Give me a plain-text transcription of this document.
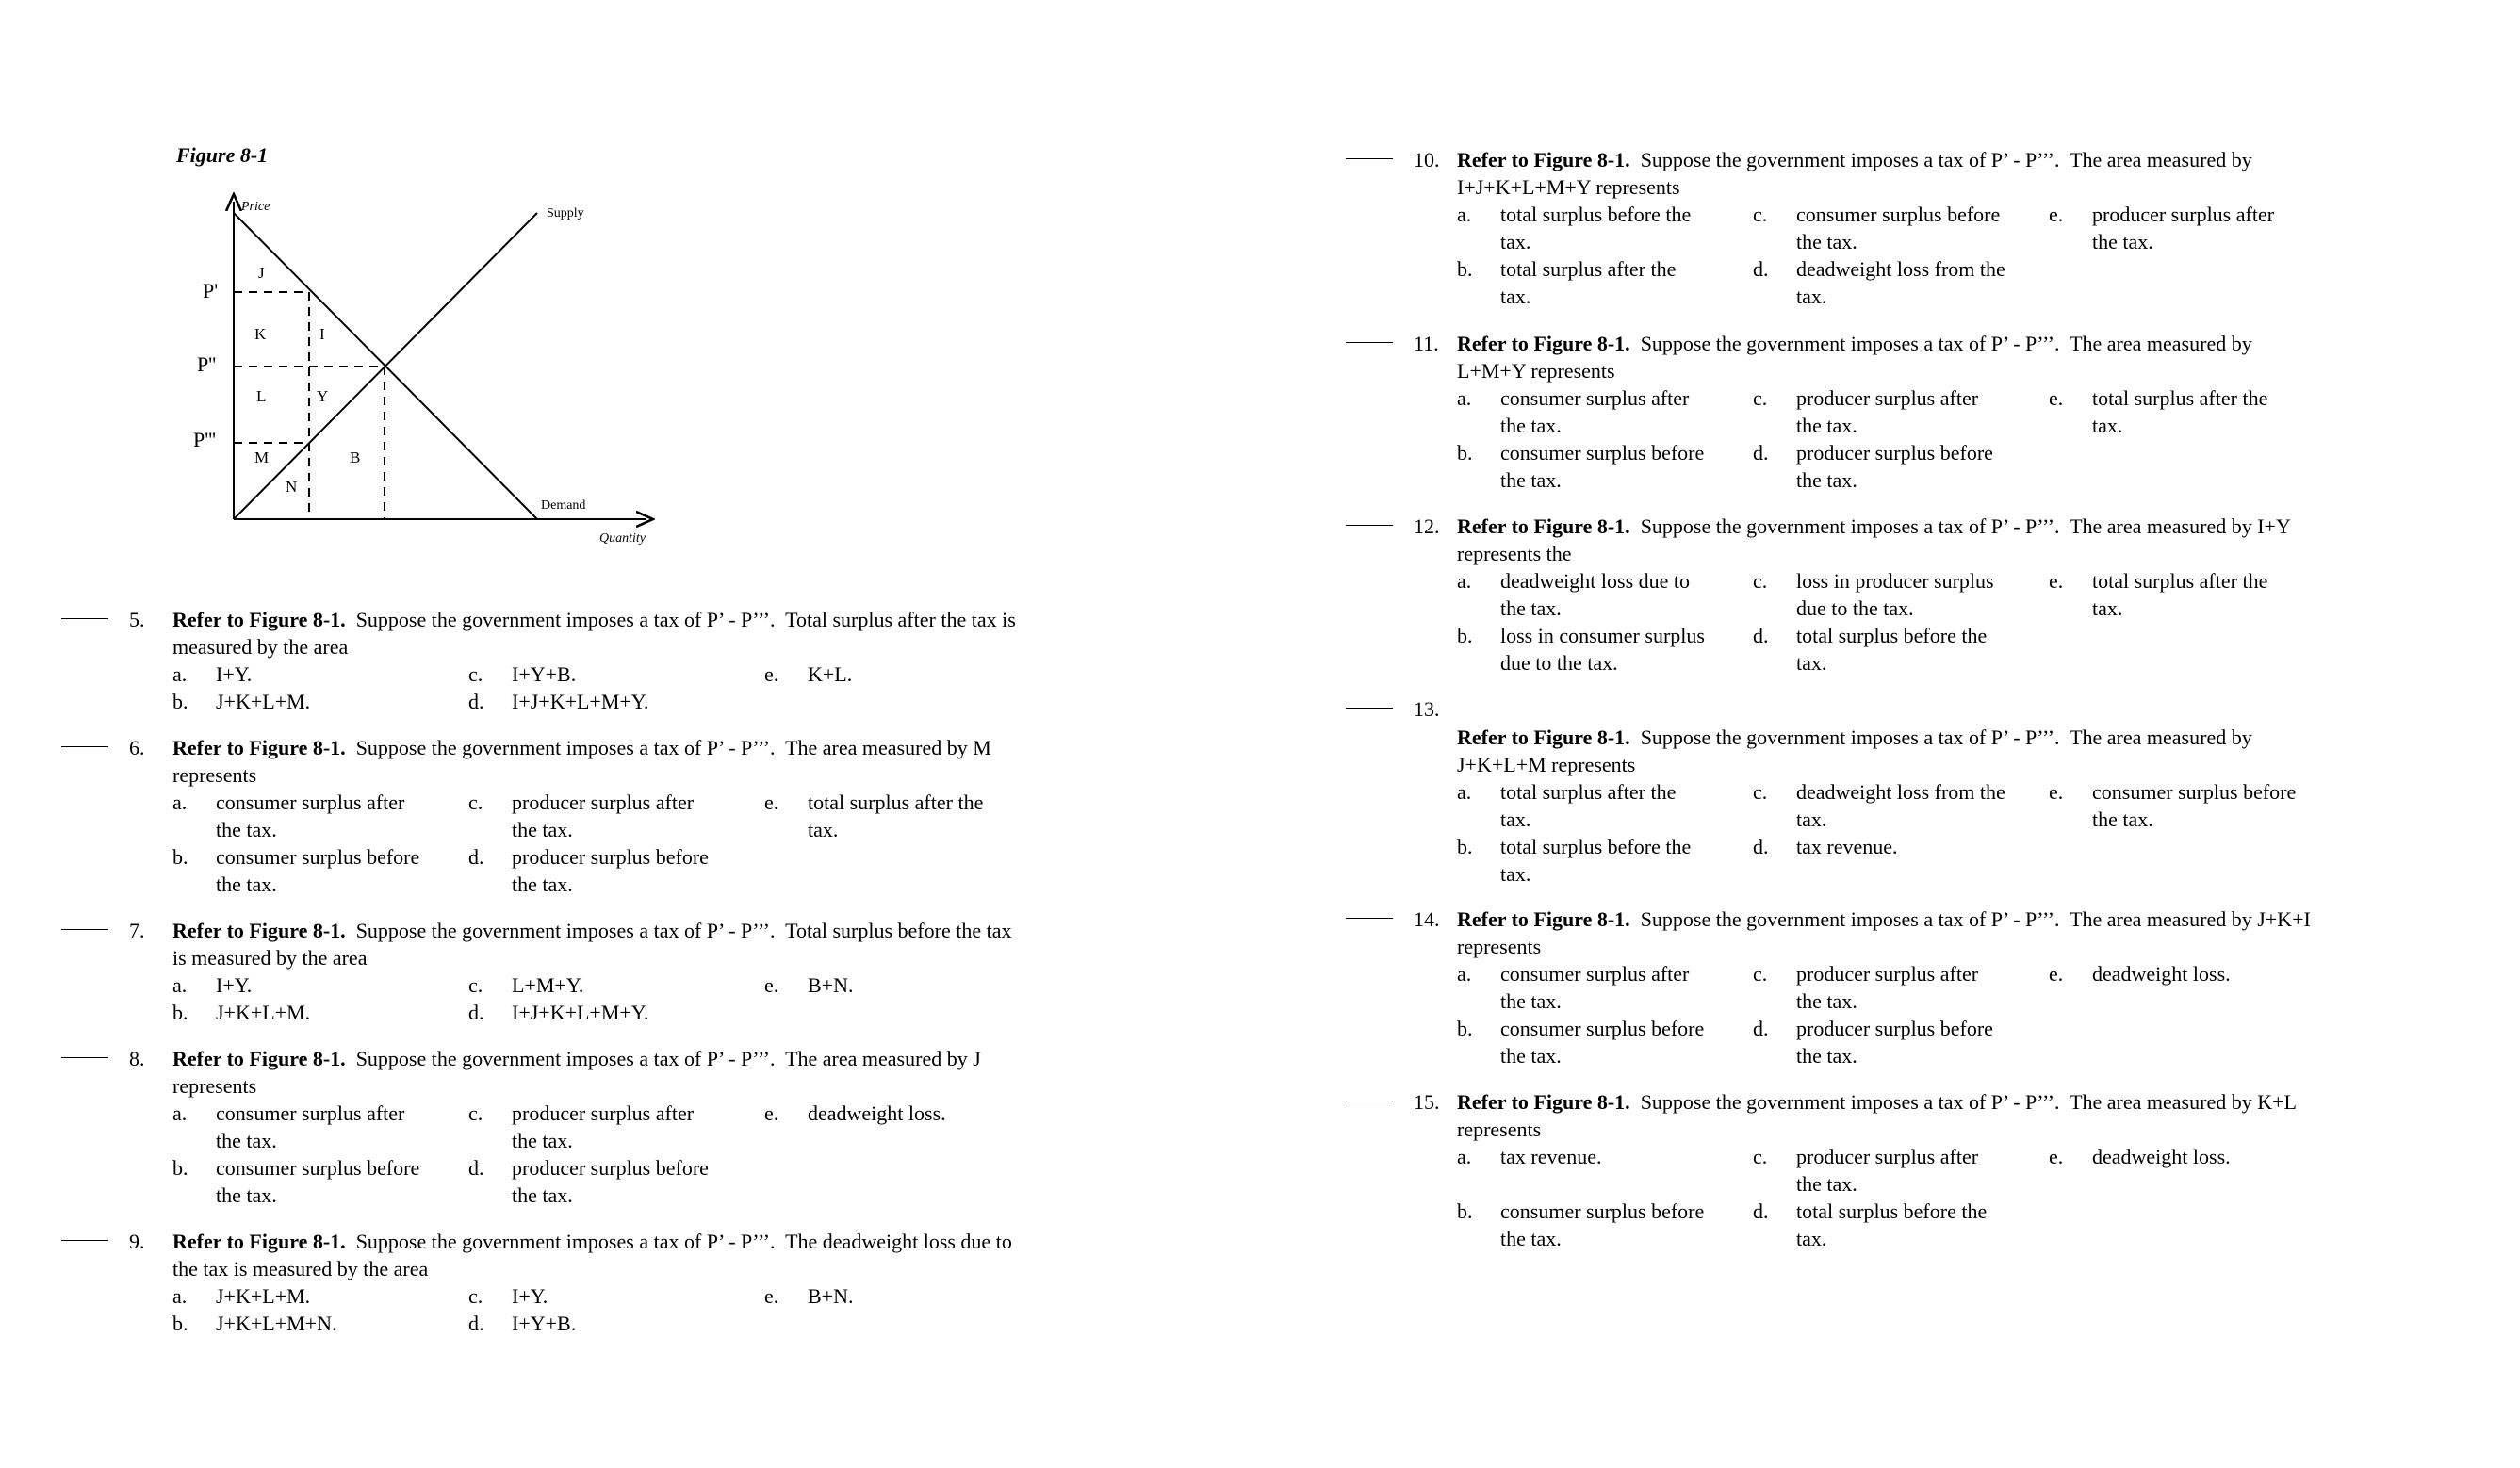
Figure 8-1
Price
Quantity
Supply
Demand
P'
P''
P'''
J
K	I
L	Y
M	B
N
5. Refer to Figure 8-1. Suppose the government imposes a tax of P’ - P’’’.  Total surplus after the tax is
measured by the area
a. I+Y.
b. J+K+L+M.
c. I+Y+B.
d. I+J+K+L+M+Y.
e. K+L.
6. Refer to Figure 8-1. Suppose the government imposes a tax of P’ - P’’’.  The area measured by M
represents
a. consumer surplus after
the tax.
b. consumer surplus before
the tax.
c. producer surplus after
the tax.
d. producer surplus before
the tax.
e. total surplus after the
tax.
7. Refer to Figure 8-1. Suppose the government imposes a tax of P’ - P’’’.  Total surplus before the tax
is measured by the area
a. I+Y.
b. J+K+L+M.
c. L+M+Y.
d. I+J+K+L+M+Y.
e. B+N.
8. Refer to Figure 8-1. Suppose the government imposes a tax of P’ - P’’’.  The area measured by J
represents
a. consumer surplus after
the tax.
b. consumer surplus before
the tax.
c. producer surplus after
the tax.
d. producer surplus before
the tax.
e. deadweight loss.
9. Refer to Figure 8-1. Suppose the government imposes a tax of P’ - P’’’.  The deadweight loss due to
the tax is measured by the area
a. J+K+L+M.
b. J+K+L+M+N.
c. I+Y.
d. I+Y+B.
e. B+N.
10. Refer to Figure 8-1. Suppose the government imposes a tax of P’ - P’’’.  The area measured by
I+J+K+L+M+Y represents
a. total surplus before the
tax.
b. total surplus after the
tax.
c. consumer surplus before
the tax.
d. deadweight loss from the
tax.
e. producer surplus after
the tax.
11. Refer to Figure 8-1. Suppose the government imposes a tax of P’ - P’’’.  The area measured by
L+M+Y represents
a. consumer surplus after
the tax.
b. consumer surplus before
the tax.
c. producer surplus after
the tax.
d. producer surplus before
the tax.
e. total surplus after the
tax.
12. Refer to Figure 8-1. Suppose the government imposes a tax of P’ - P’’’.  The area measured by I+Y
represents the
a. deadweight loss due to
the tax.
b. loss in consumer surplus
due to the tax.
c. loss in producer surplus
due to the tax.
d. total surplus before the
tax.
e. total surplus after the
tax.
13.
Refer to Figure 8-1. Suppose the government imposes a tax of P’ - P’’’.  The area measured by
J+K+L+M represents
a. total surplus after the
tax.
b. total surplus before the
tax.
c. deadweight loss from the
tax.
d. tax revenue.
e. consumer surplus before
the tax.
14. Refer to Figure 8-1. Suppose the government imposes a tax of P’ - P’’’.  The area measured by J+K+I
represents
a. consumer surplus after
the tax.
b. consumer surplus before
the tax.
c. producer surplus after
the tax.
d. producer surplus before
the tax.
e. deadweight loss.
15. Refer to Figure 8-1. Suppose the government imposes a tax of P’ - P’’’.  The area measured by K+L
represents
a. tax revenue.
b. consumer surplus before
the tax.
c. producer surplus after
the tax.
d. total surplus before the
tax.
e. deadweight loss.
